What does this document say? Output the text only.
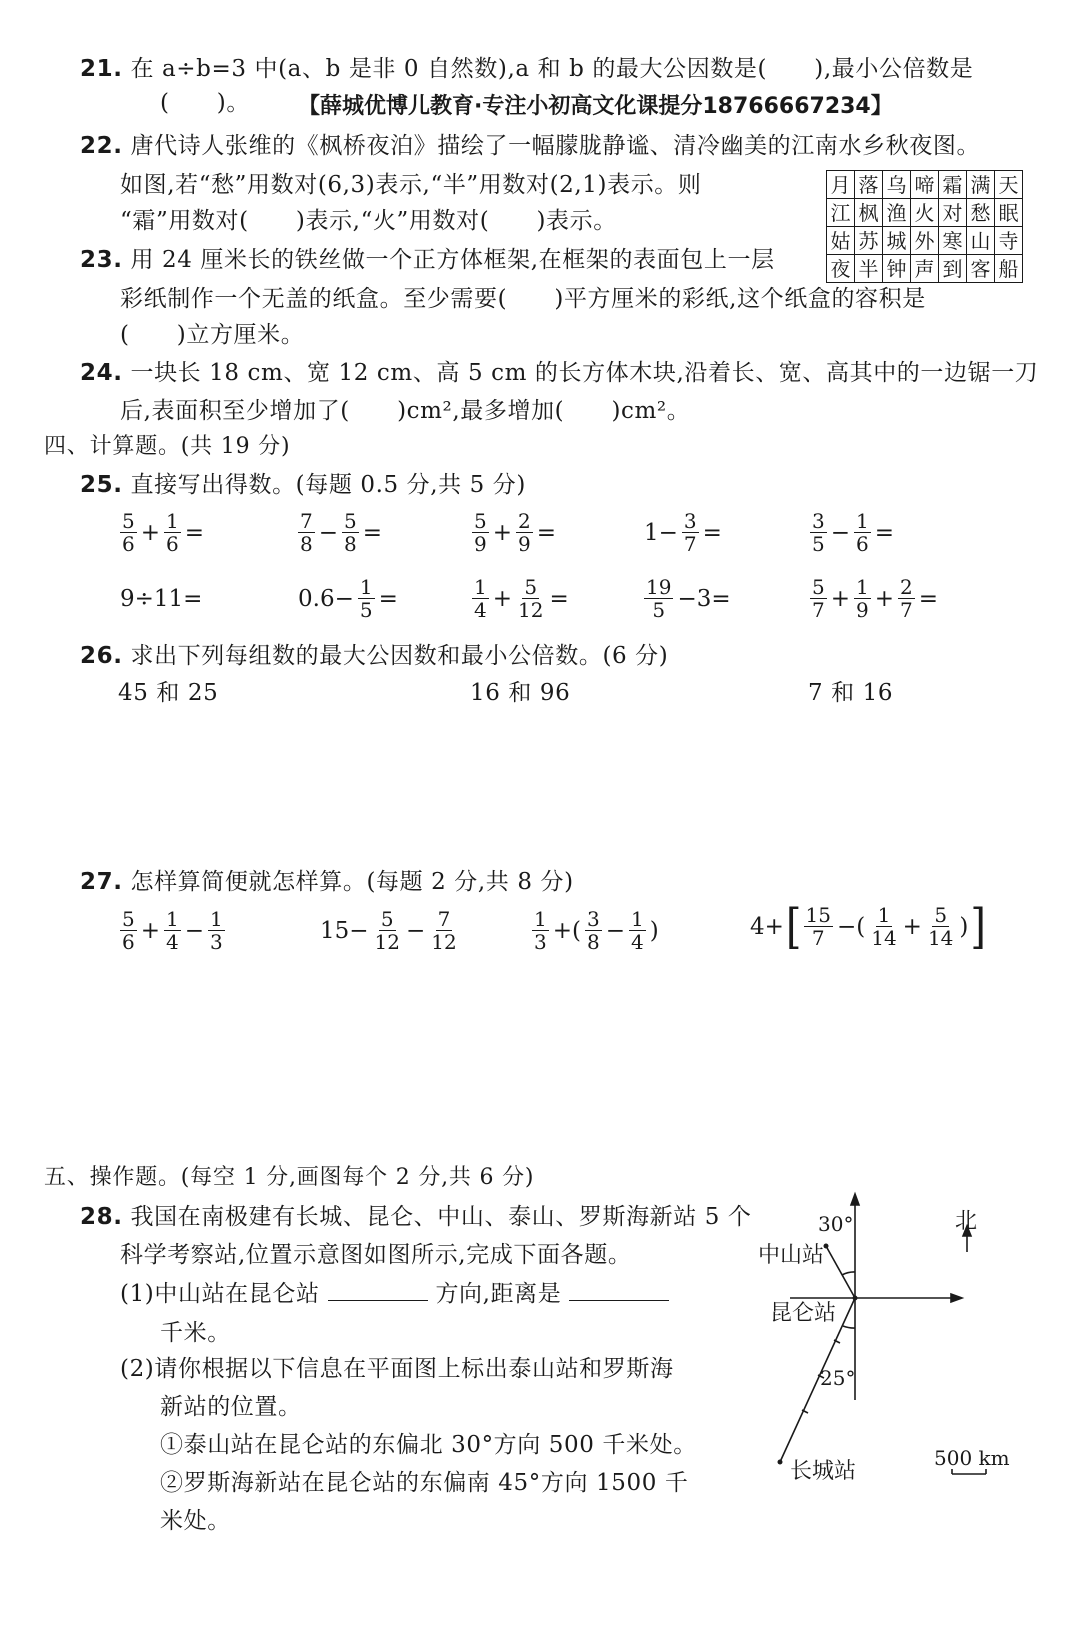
21. 在 a÷b=3 中(a、b 是非 0 自然数),a 和 b 的最大公因数是(　　),最小公倍数是
(　　)。 【薛城优博儿教育·专注小初高文化课提分18766667234】
22. 唐代诗人张维的《枫桥夜泊》描绘了一幅朦胧静谧、清冷幽美的江南水乡秋夜图。
如图,若“愁”用数对(6,3)表示,“半”用数对(2,1)表示。则
“霜”用数对(　　)表示,“火”用数对(　　)表示。
月	落	乌	啼	霜	满	天
江	枫	渔	火	对	愁	眠
姑	苏	城	外	寒	山	寺
夜	半	钟	声	到	客	船
23. 用 24 厘米长的铁丝做一个正方体框架,在框架的表面包上一层
彩纸制作一个无盖的纸盒。至少需要(　　)平方厘米的彩纸,这个纸盒的容积是
(　　)立方厘米。
24. 一块长 18 cm、宽 12 cm、高 5 cm 的长方体木块,沿着长、宽、高其中的一边锯一刀
后,表面积至少增加了(　　)cm²,最多增加(　　)cm²。
四、计算题。(共 19 分)
25. 直接写出得数。(每题 0.5 分,共 5 分)
$\frac{5}{6} + \frac{1}{6}$ =	$\frac{7}{8} - \frac{5}{8}$ =	$\frac{5}{9} + \frac{2}{9}$ =	$1- \frac{3}{7}$ =	$\frac{3}{5} - \frac{1}{6}$ =
9÷11=	$0.6- \frac{1}{5}$ =	$\frac{1}{4} + \frac{5}{12}$ =	$\frac{19}{5} -3=$	$\frac{5}{7} + \frac{1}{9} + \frac{2}{7}$ =
26. 求出下列每组数的最大公因数和最小公倍数。(6 分)
45 和 25	16 和 96	7 和 16
27. 怎样算简便就怎样算。(每题 2 分,共 8 分)
$\frac{5}{6} + \frac{1}{4} - \frac{1}{3}$	$15- \frac{5}{12} - \frac{7}{12}$	$\frac{1}{3}$ +( $\frac{3}{8} - \frac{1}{4}$ )	4+ [ $\frac{15}{7}$ −( $\frac{1}{14} + \frac{5}{14}$ ) ]
五、操作题。(每空 1 分,画图每个 2 分,共 6 分)
28. 我国在南极建有长城、昆仑、中山、泰山、罗斯海新站 5 个
科学考察站,位置示意图如图所示,完成下面各题。
(1)中山站在昆仑站	方向,距离是
千米。
(2)请你根据以下信息在平面图上标出泰山站和罗斯海
新站的位置。
①泰山站在昆仑站的东偏北 30°方向 500 千米处。
②罗斯海新站在昆仑站的东偏南 45°方向 1500 千
米处。
30°	北
中山站
昆仑站
25°
长城站
500 km
